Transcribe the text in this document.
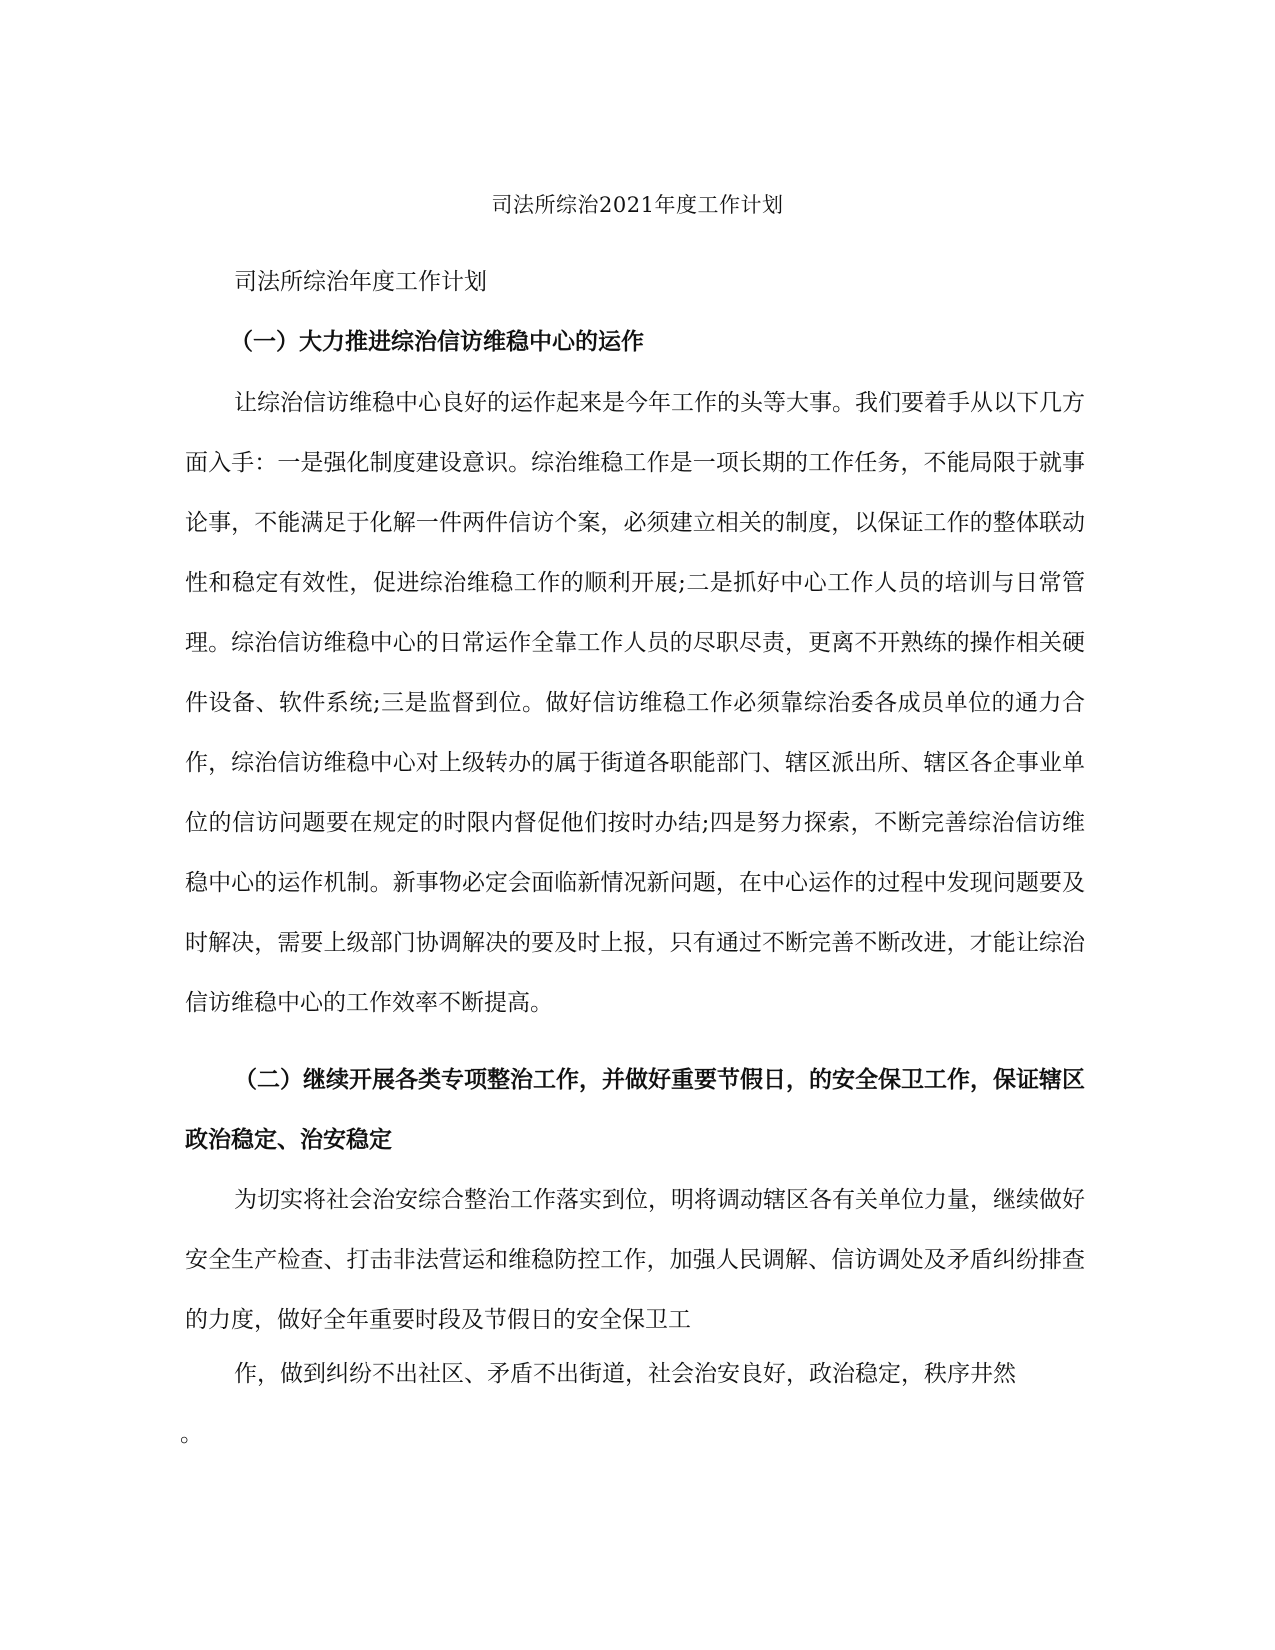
司法所综治2021年度工作计划

司法所综治年度工作计划

（一）大力推进综治信访维稳中心的运作

让综治信访维稳中心良好的运作起来是今年工作的头等大事。我们要着手从以下几方面入手：一是强化制度建设意识。综治维稳工作是一项长期的工作任务，不能局限于就事论事，不能满足于化解一件两件信访个案，必须建立相关的制度，以保证工作的整体联动性和稳定有效性，促进综治维稳工作的顺利开展;二是抓好中心工作人员的培训与日常管理。综治信访维稳中心的日常运作全靠工作人员的尽职尽责，更离不开熟练的操作相关硬件设备、软件系统;三是监督到位。做好信访维稳工作必须靠综治委各成员单位的通力合作，综治信访维稳中心对上级转办的属于街道各职能部门、辖区派出所、辖区各企事业单位的信访问题要在规定的时限内督促他们按时办结;四是努力探索，不断完善综治信访维稳中心的运作机制。新事物必定会面临新情况新问题，在中心运作的过程中发现问题要及时解决，需要上级部门协调解决的要及时上报，只有通过不断完善不断改进，才能让综治信访维稳中心的工作效率不断提高。

（二）继续开展各类专项整治工作，并做好重要节假日，的安全保卫工作，保证辖区政治稳定、治安稳定

为切实将社会治安综合整治工作落实到位，明将调动辖区各有关单位力量，继续做好安全生产检查、打击非法营运和维稳防控工作，加强人民调解、信访调处及矛盾纠纷排查的力度，做好全年重要时段及节假日的安全保卫工

作，做到纠纷不出社区、矛盾不出街道，社会治安良好，政治稳定，秩序井然

。
